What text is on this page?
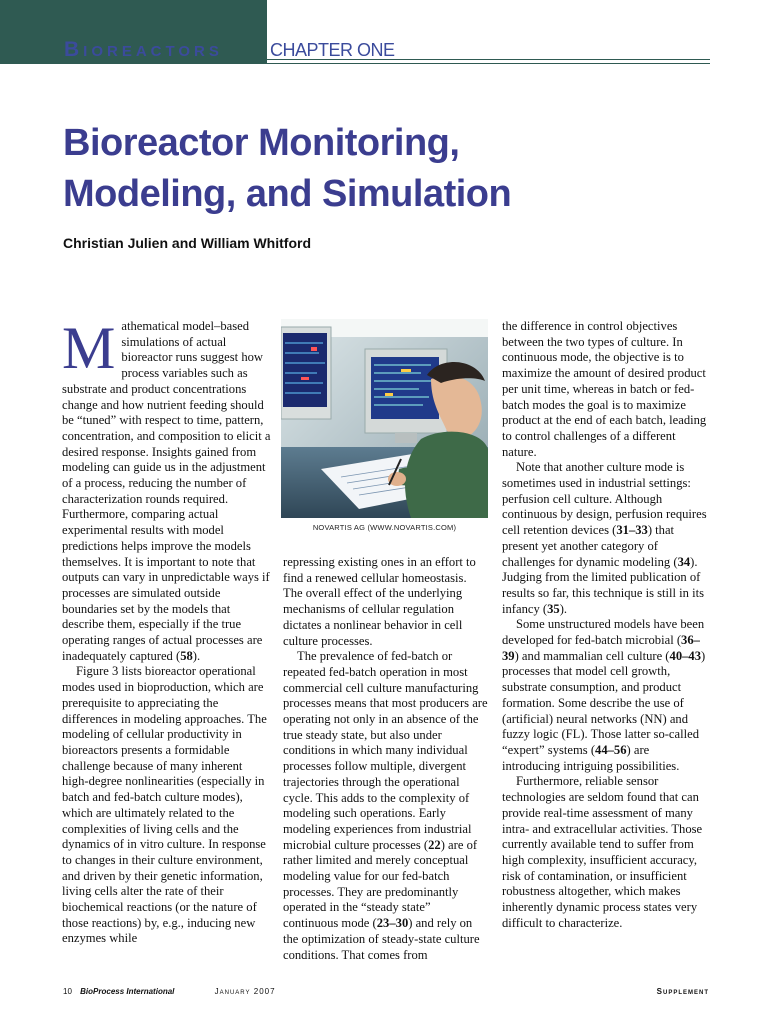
Bioreactors	CHAPTER ONE
Bioreactor Monitoring,
Modeling, and Simulation
Christian Julien and William Whitford

Mathematical model–based simulations of actual bioreactor runs suggest how process variables such as substrate and product concentrations change and how nutrient feeding should be “tuned” with respect to time, pattern, concentration, and composition to elicit a desired response. Insights gained from modeling can guide us in the adjustment of a process, reducing the number of characterization rounds required. Furthermore, comparing actual experimental results with model predictions helps improve the models themselves. It is important to note that outputs can vary in unpredictable ways if processes are simulated outside boundaries set by the models that describe them, especially if the true operating ranges of actual processes are inadequately captured (58).

Figure 3 lists bioreactor operational modes used in bioproduction, which are prerequisite to appreciating the differences in modeling approaches. The modeling of cellular productivity in bioreactors presents a formidable challenge because of many inherent high-degree nonlinearities (especially in batch and fed-batch culture modes), which are ultimately related to the complexities of living cells and the dynamics of in vitro culture. In response to changes in their culture environment, and driven by their genetic information, living cells alter the rate of their biochemical reactions (or the nature of those reactions) by, e.g., inducing new enzymes while

NOVARTIS AG (WWW.NOVARTIS.COM)

repressing existing ones in an effort to find a renewed cellular homeostasis. The overall effect of the underlying mechanisms of cellular regulation dictates a nonlinear behavior in cell culture processes.

The prevalence of fed-batch or repeated fed-batch operation in most commercial cell culture manufacturing processes means that most producers are operating not only in an absence of the true steady state, but also under conditions in which many individual processes follow multiple, divergent trajectories through the operational cycle. This adds to the complexity of modeling such operations. Early modeling experiences from industrial microbial culture processes (22) are of rather limited and merely conceptual modeling value for our fed-batch processes. They are predominantly operated in the “steady state” continuous mode (23–30) and rely on the optimization of steady-state culture conditions. That comes from

the difference in control objectives between the two types of culture. In continuous mode, the objective is to maximize the amount of desired product per unit time, whereas in batch or fed-batch modes the goal is to maximize product at the end of each batch, leading to control challenges of a different nature.

Note that another culture mode is sometimes used in industrial settings: perfusion cell culture. Although continuous by design, perfusion requires cell retention devices (31–33) that present yet another category of challenges for dynamic modeling (34). Judging from the limited publication of results so far, this technique is still in its infancy (35).

Some unstructured models have been developed for fed-batch microbial (36–39) and mammalian cell culture (40–43) processes that model cell growth, substrate consumption, and product formation. Some describe the use of (artificial) neural networks (NN) and fuzzy logic (FL). Those latter so-called “expert” systems (44–56) are introducing intriguing possibilities.

Furthermore, reliable sensor technologies are seldom found that can provide real-time assessment of many intra- and extracellular activities. Those currently available tend to suffer from high complexity, insufficient accuracy, risk of contamination, or insufficient robustness altogether, which makes inherently dynamic process states very difficult to characterize.

10 BioProcess International	January 2007	Supplement
